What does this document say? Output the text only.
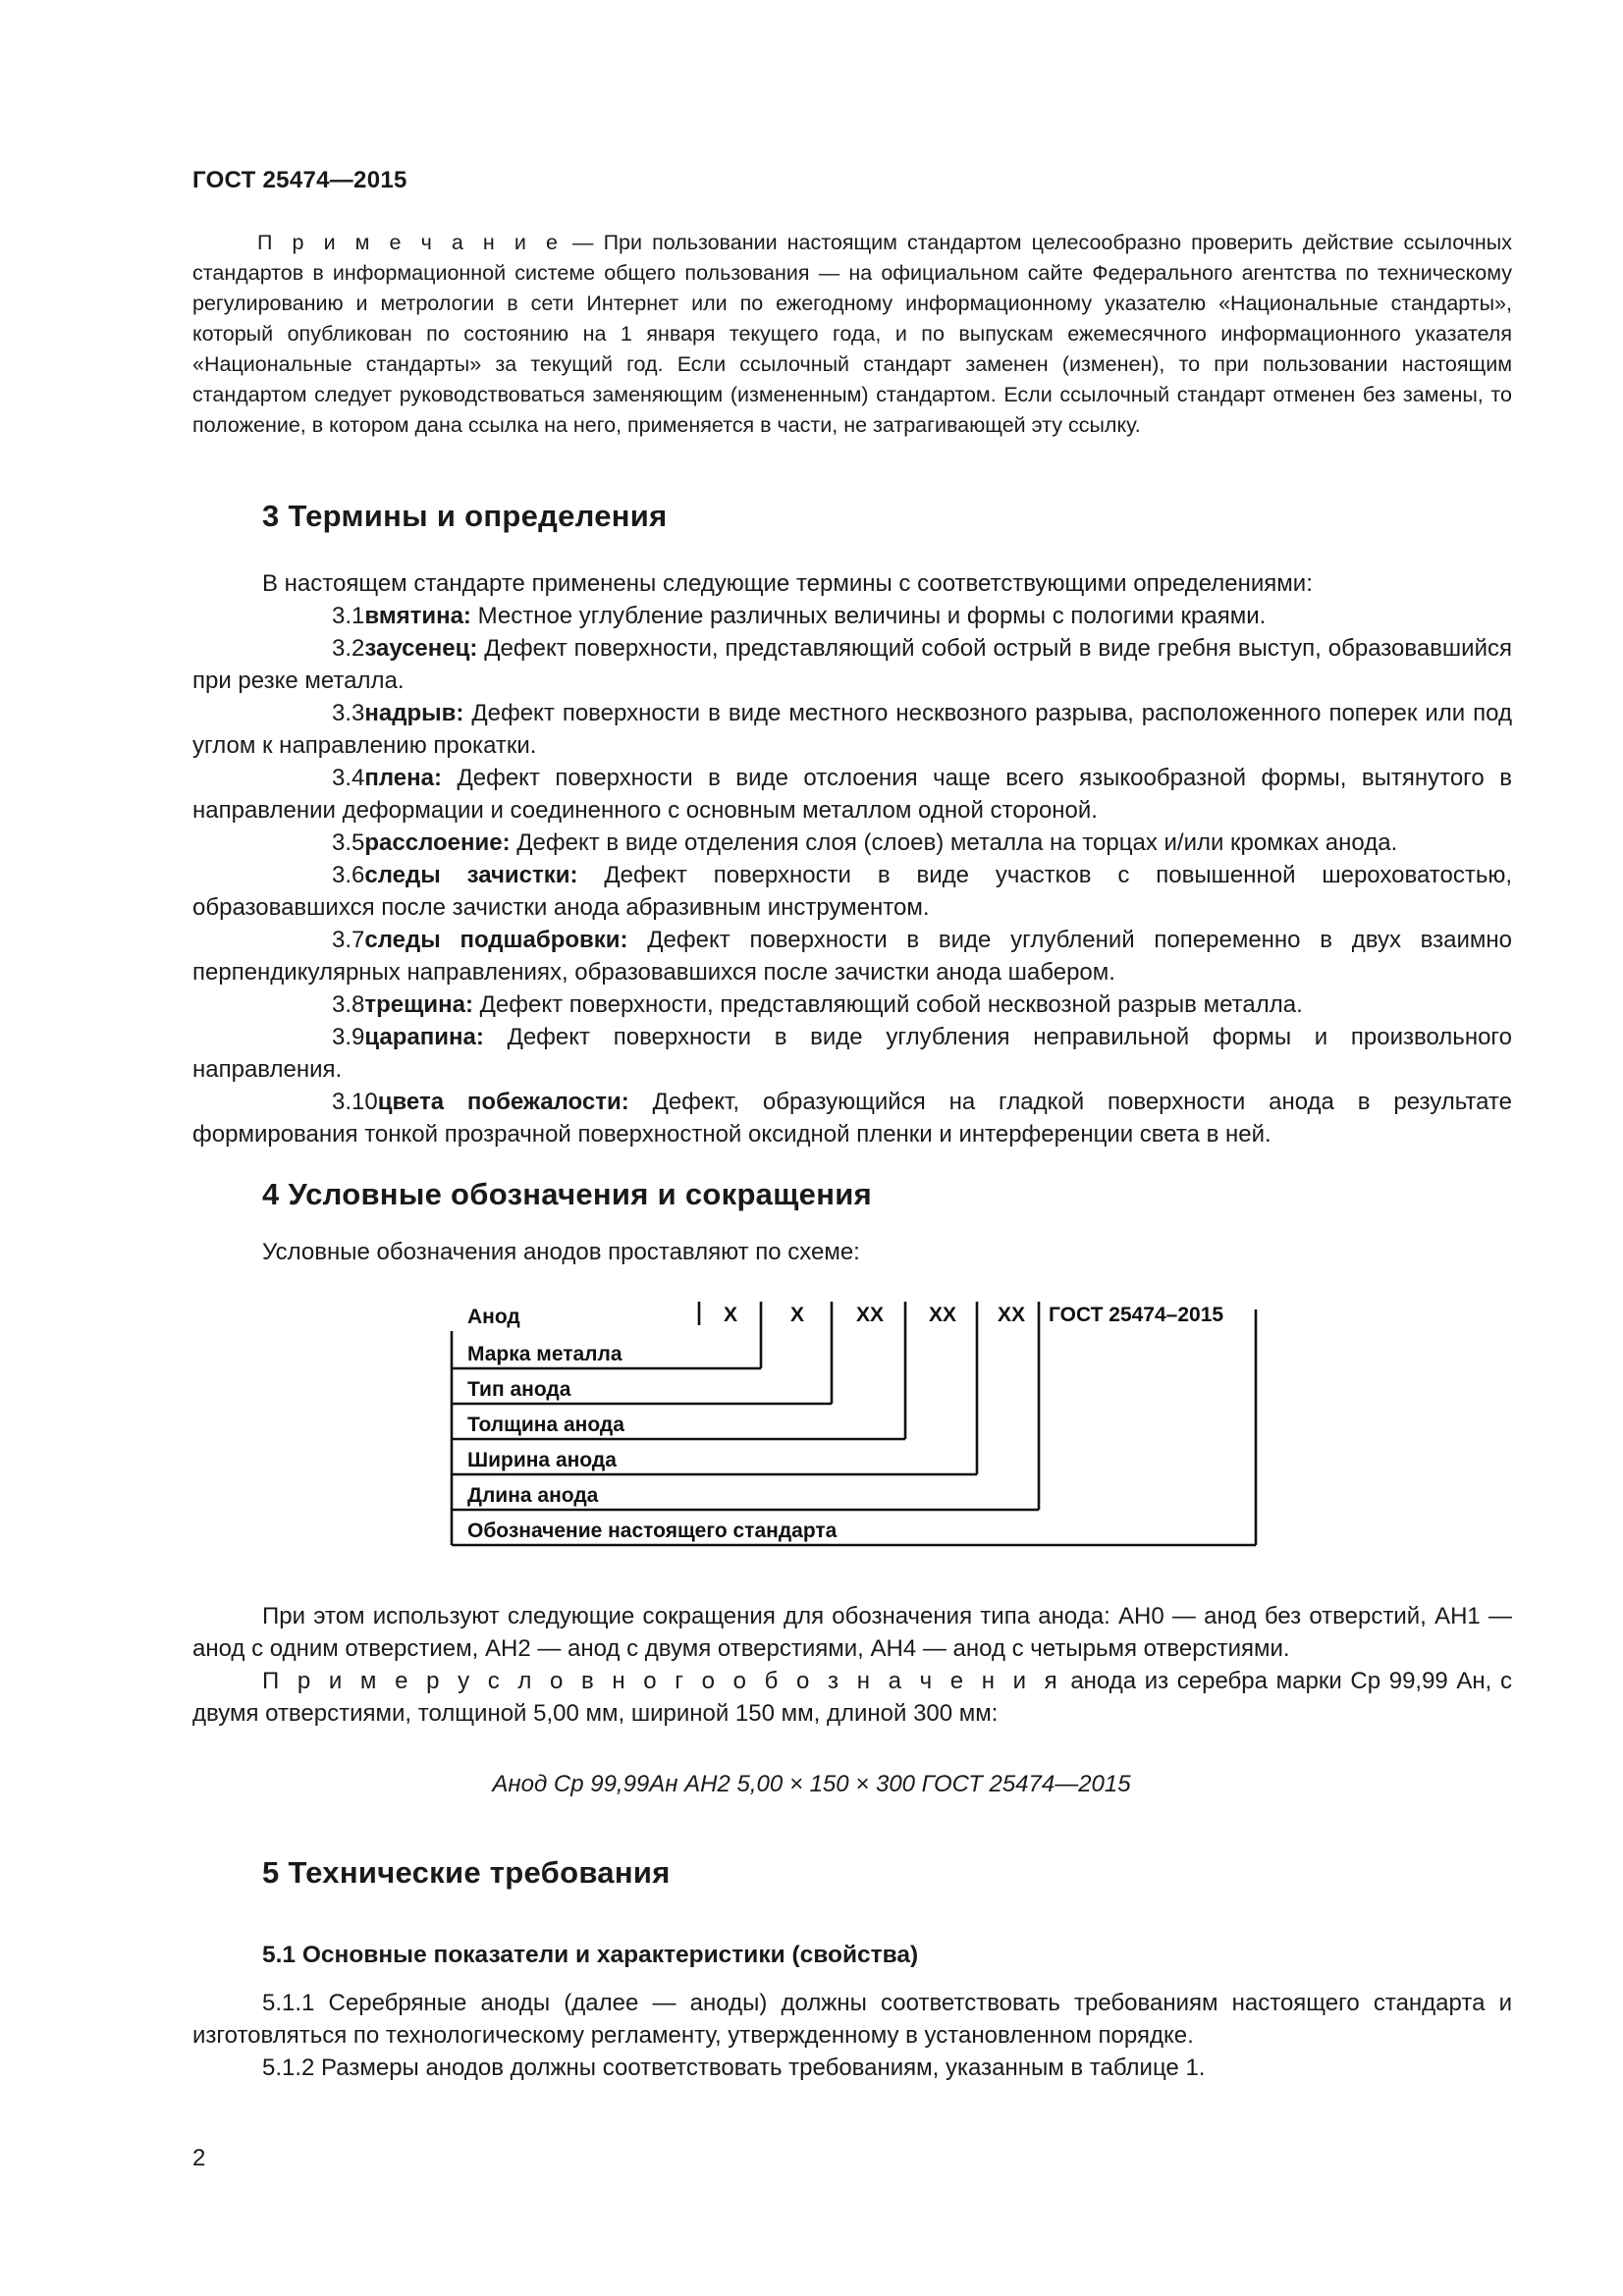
ГОСТ 25474—2015
П р и м е ч а н и е — При пользовании настоящим стандартом целесообразно проверить действие ссылочных стандартов в информационной системе общего пользования — на официальном сайте Федерального агентства по техническому регулированию и метрологии в сети Интернет или по ежегодному информационному указателю «Национальные стандарты», который опубликован по состоянию на 1 января текущего года, и по выпускам ежемесячного информационного указателя «Национальные стандарты» за текущий год. Если ссылочный стандарт заменен (изменен), то при пользовании настоящим стандартом следует руководствоваться заменяющим (измененным) стандартом. Если ссылочный стандарт отменен без замены, то положение, в котором дана ссылка на него, применяется в части, не затрагивающей эту ссылку.
3 Термины и определения

В настоящем стандарте применены следующие термины с соответствующими определениями:

3.1вмятина: Местное углубление различных величины и формы с пологими краями.

3.2заусенец: Дефект поверхности, представляющий собой острый в виде гребня выступ, образовавшийся при резке металла.

3.3надрыв: Дефект поверхности в виде местного несквозного разрыва, расположенного поперек или под углом к направлению прокатки.

3.4плена: Дефект поверхности в виде отслоения чаще всего языкообразной формы, вытянутого в направлении деформации и соединенного с основным металлом одной стороной.

3.5расслоение: Дефект в виде отделения слоя (слоев) металла на торцах и/или кромках анода.

3.6следы зачистки: Дефект поверхности в виде участков с повышенной шероховатостью, образовавшихся после зачистки анода абразивным инструментом.

3.7следы подшабровки: Дефект поверхности в виде углублений попеременно в двух взаимно перпендикулярных направлениях, образовавшихся после зачистки анода шабером.

3.8трещина: Дефект поверхности, представляющий собой несквозной разрыв металла.

3.9царапина: Дефект поверхности в виде углубления неправильной формы и произвольного направления.

3.10цвета побежалости: Дефект, образующийся на гладкой поверхности анода в результате формирования тонкой прозрачной поверхностной оксидной пленки и интерференции света в ней.

4 Условные обозначения и сокращения
Условные обозначения анодов проставляют по схеме:
Анод	X	X	XX XX XX ГОСТ 25474–2015
Марка металла
Тип анода
Толщина анода
Ширина анода
Длина анода
Обозначение настоящего стандарта

При этом используют следующие сокращения для обозначения типа анода: АН0 — анод без отверстий, АН1 — анод с одним отверстием, АН2 — анод с двумя отверстиями, АН4 — анод с четырьмя отверстиями.

П р и м е р у с л о в н о г о о б о з н а ч е н и я анода из серебра марки Ср 99,99 Ан, с двумя отверстиями, толщиной 5,00 мм, шириной 150 мм, длиной 300 мм:

Анод Ср 99,99Ан АН2 5,00 × 150 × 300 ГОСТ 25474—2015
5 Технические требования
5.1 Основные показатели и характеристики (свойства)

5.1.1 Серебряные аноды (далее — аноды) должны соответствовать требованиям настоящего стандарта и изготовляться по технологическому регламенту, утвержденному в установленном порядке.

5.1.2 Размеры анодов должны соответствовать требованиям, указанным в таблице 1.

2
